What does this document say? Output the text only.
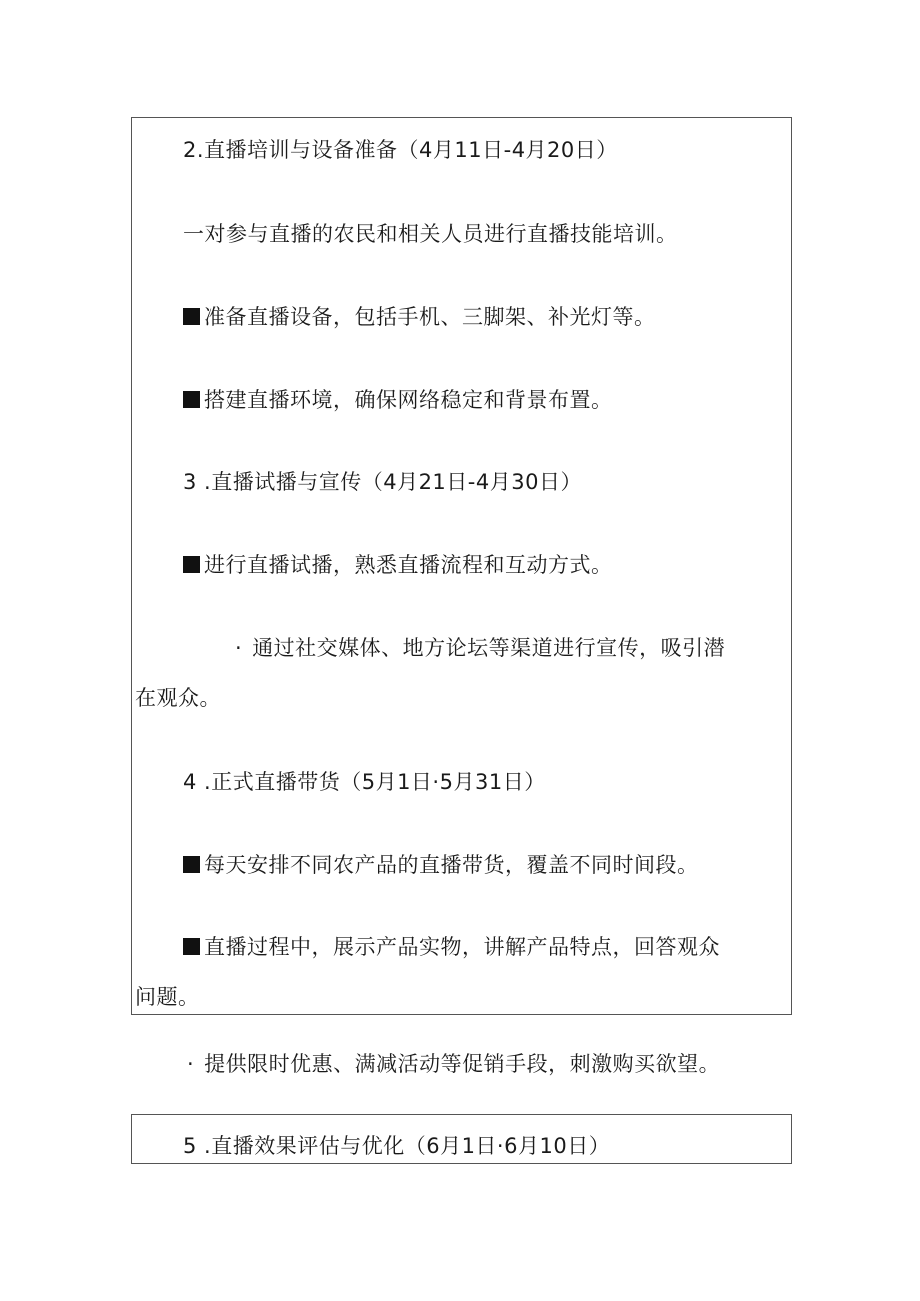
2.直播培训与设备准备（4月11日-4月20日）
一对参与直播的农民和相关人员进行直播技能培训。
准备直播设备，包括手机、三脚架、补光灯等。
搭建直播环境，确保网络稳定和背景布置。
3 .直播试播与宣传（4月21日-4月30日）
进行直播试播，熟悉直播流程和互动方式。
· 通过社交媒体、地方论坛等渠道进行宣传，吸引潜在观众。
4 .正式直播带货（5月1日·5月31日）
每天安排不同农产品的直播带货，覆盖不同时间段。
直播过程中，展示产品实物，讲解产品特点，回答观众问题。
· 提供限时优惠、满减活动等促销手段，刺激购买欲望。
5 .直播效果评估与优化（6月1日·6月10日）
